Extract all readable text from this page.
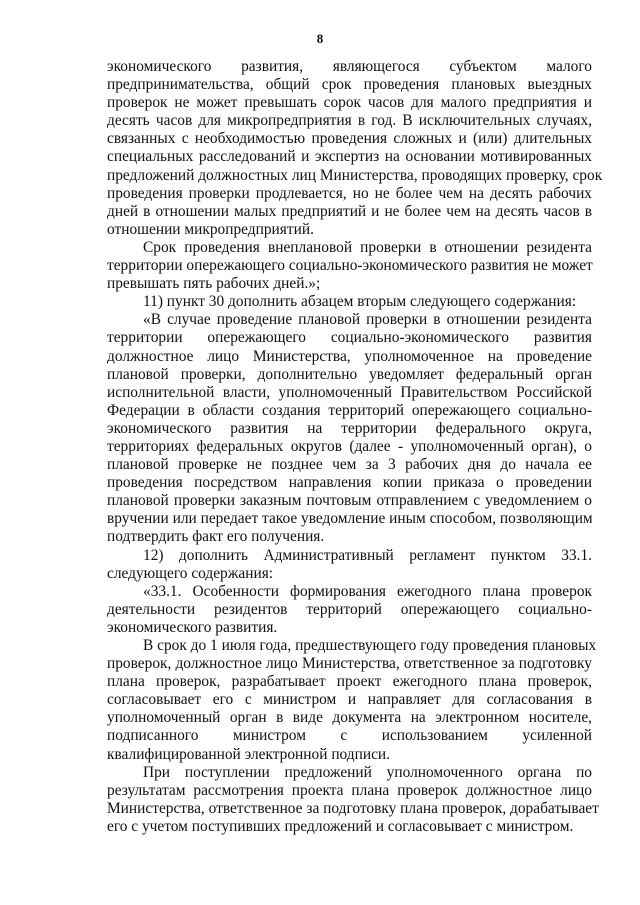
8
экономического развития, являющегося субъектом малого
предпринимательства, общий срок проведения плановых выездных
проверок не может превышать сорок часов для малого предприятия и
десять часов для микропредприятия в год. В исключительных случаях,
связанных с необходимостью проведения сложных и (или) длительных
специальных расследований и экспертиз на основании мотивированных
предложений должностных лиц Министерства, проводящих проверку, срок
проведения проверки продлевается, но не более чем на десять рабочих
дней в отношении малых предприятий и не более чем на десять часов в
отношении микропредприятий.
Срок проведения внеплановой проверки в отношении резидента
территории опережающего социально-экономического развития не может
превышать пять рабочих дней.»;
11) пункт 30 дополнить абзацем вторым следующего содержания:
«В случае проведение плановой проверки в отношении резидента
территории опережающего социально-экономического развития
должностное лицо Министерства, уполномоченное на проведение
плановой проверки, дополнительно уведомляет федеральный орган
исполнительной власти, уполномоченный Правительством Российской
Федерации в области создания территорий опережающего социально-
экономического развития на территории федерального округа,
территориях федеральных округов (далее - уполномоченный орган), о
плановой проверке не позднее чем за 3 рабочих дня до начала ее
проведения посредством направления копии приказа о проведении
плановой проверки заказным почтовым отправлением с уведомлением о
вручении или передает такое уведомление иным способом, позволяющим
подтвердить факт его получения.
12) дополнить Административный регламент пунктом 33.1.
следующего содержания:
«33.1. Особенности формирования ежегодного плана проверок
деятельности резидентов территорий опережающего социально-
экономического развития.
В срок до 1 июля года, предшествующего году проведения плановых
проверок, должностное лицо Министерства, ответственное за подготовку
плана проверок, разрабатывает проект ежегодного плана проверок,
согласовывает его с министром и направляет для согласования в
уполномоченный орган в виде документа на электронном носителе,
подписанного министром с использованием усиленной
квалифицированной электронной подписи.
При поступлении предложений уполномоченного органа по
результатам рассмотрения проекта плана проверок должностное лицо
Министерства, ответственное за подготовку плана проверок, дорабатывает
его с учетом поступивших предложений и согласовывает с министром.
